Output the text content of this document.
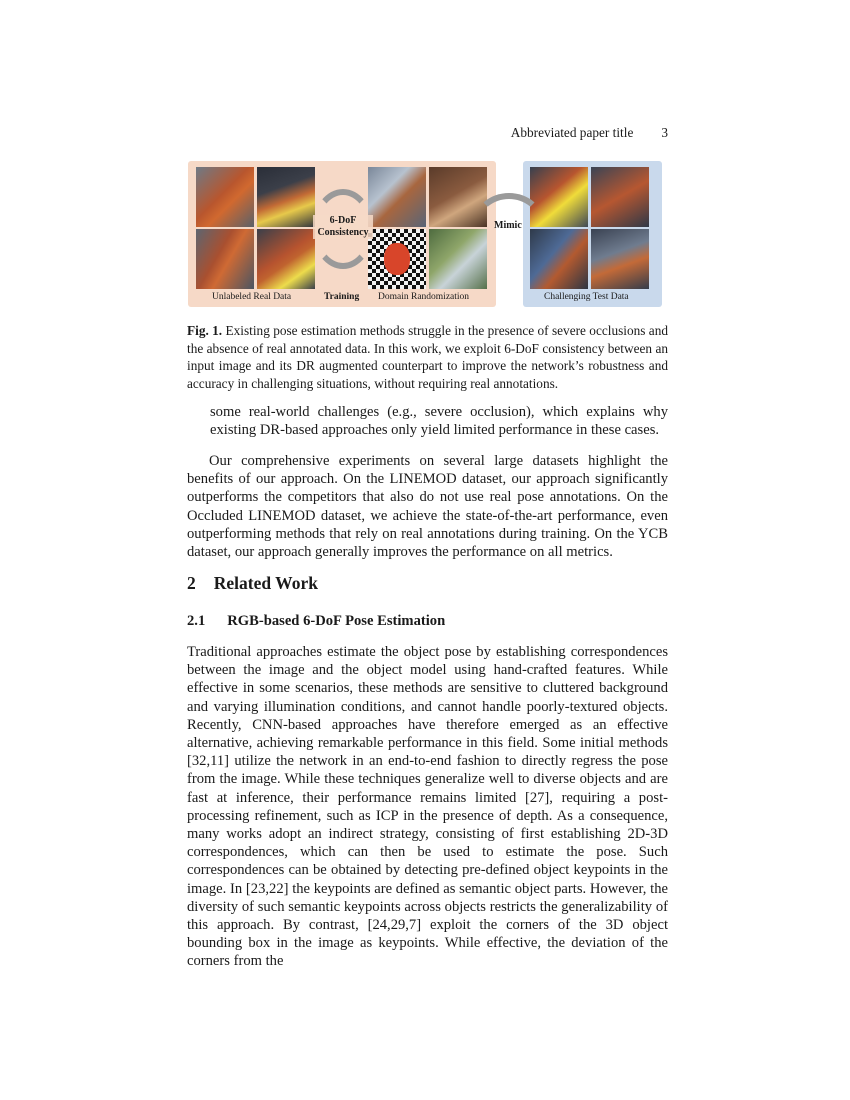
Abbreviated paper title 3
6-DoF
Consistency
Mimic
Unlabeled Real Data	Training Domain Randomization	Challenging Test Data
Fig. 1. Existing pose estimation methods struggle in the presence of severe occlusions and the absence of real annotated data. In this work, we exploit 6-DoF consistency between an input image and its DR augmented counterpart to improve the network’s robustness and accuracy in challenging situations, without requiring real annotations.
some real-world challenges (e.g., severe occlusion), which explains why existing DR-based approaches only yield limited performance in these cases.
Our comprehensive experiments on several large datasets highlight the benefits of our approach. On the LINEMOD dataset, our approach significantly outperforms the competitors that also do not use real pose annotations. On the Occluded LINEMOD dataset, we achieve the state-of-the-art performance, even outperforming methods that rely on real annotations during training. On the YCB dataset, our approach generally improves the performance on all metrics.
2 Related Work
2.1 RGB-based 6-DoF Pose Estimation
Traditional approaches estimate the object pose by establishing correspondences between the image and the object model using hand-crafted features. While effective in some scenarios, these methods are sensitive to cluttered background and varying illumination conditions, and cannot handle poorly-textured objects. Recently, CNN-based approaches have therefore emerged as an effective alternative, achieving remarkable performance in this field. Some initial methods [32,11] utilize the network in an end-to-end fashion to directly regress the pose from the image. While these techniques generalize well to diverse objects and are fast at inference, their performance remains limited [27], requiring a post-processing refinement, such as ICP in the presence of depth. As a consequence, many works adopt an indirect strategy, consisting of first establishing 2D-3D correspondences, which can then be used to estimate the pose. Such correspondences can be obtained by detecting pre-defined object keypoints in the image. In [23,22] the keypoints are defined as semantic object parts. However, the diversity of such semantic keypoints across objects restricts the generalizability of this approach. By contrast, [24,29,7] exploit the corners of the 3D object bounding box in the image as keypoints. While effective, the deviation of the corners from the
